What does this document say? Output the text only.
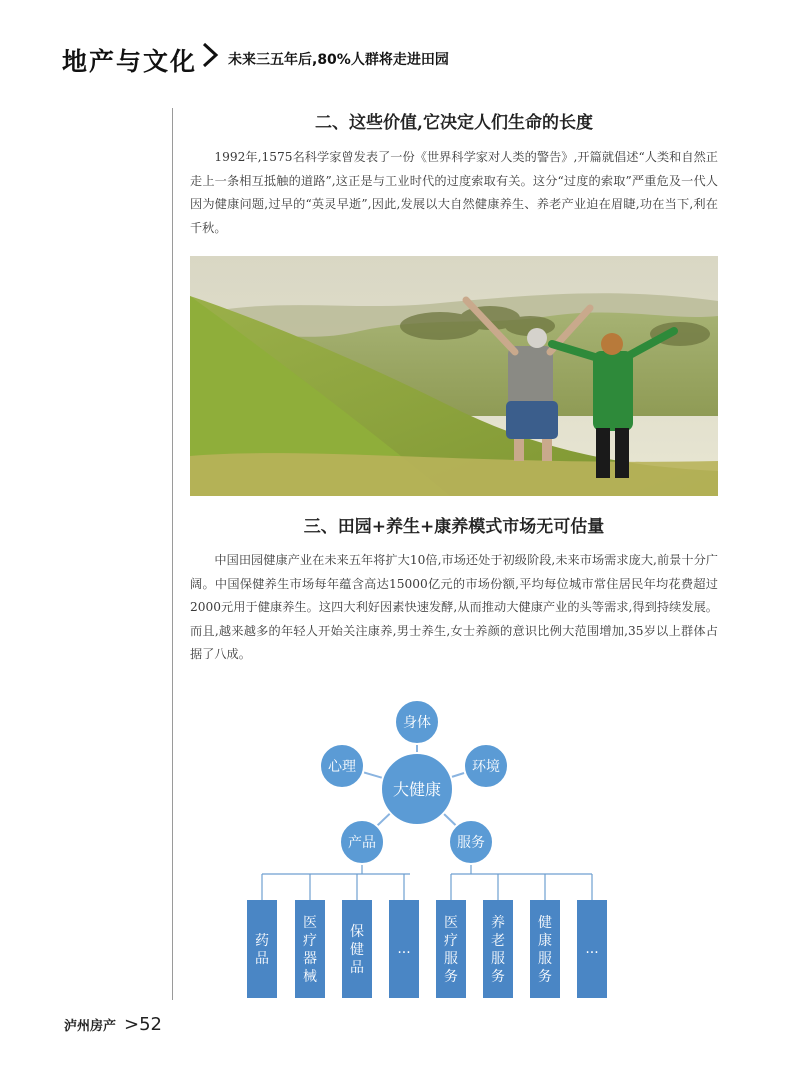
地产与文化 未来三五年后,80%人群将走进田园
二、这些价值,它决定人们生命的长度

1992年,1575名科学家曾发表了一份《世界科学家对人类的警告》,开篇就倡述“人类和自然正走上一条相互抵触的道路”,这正是与工业时代的过度索取有关。这分“过度的索取”严重危及一代人因为健康问题,过早的“英灵早逝”,因此,发展以大自然健康养生、养老产业迫在眉睫,功在当下,利在千秋。

三、田园+养生+康养模式市场无可估量

中国田园健康产业在未来五年将扩大10倍,市场还处于初级阶段,未来市场需求庞大,前景十分广阔。中国保健养生市场每年蕴含高达15000亿元的市场份额,平均每位城市常住居民年均花费超过2000元用于健康养生。这四大利好因素快速发酵,从而推动大健康产业的头等需求,得到持续发展。而且,越来越多的年轻人开始关注康养,男士养生,女士养颜的意识比例大范围增加,35岁以上群体占据了八成。

身体
心理	环境
大健康
产品	服务
药品
医疗器械
保健品
...
医疗服务
养老服务
健康服务
...
泸州房产 >52
